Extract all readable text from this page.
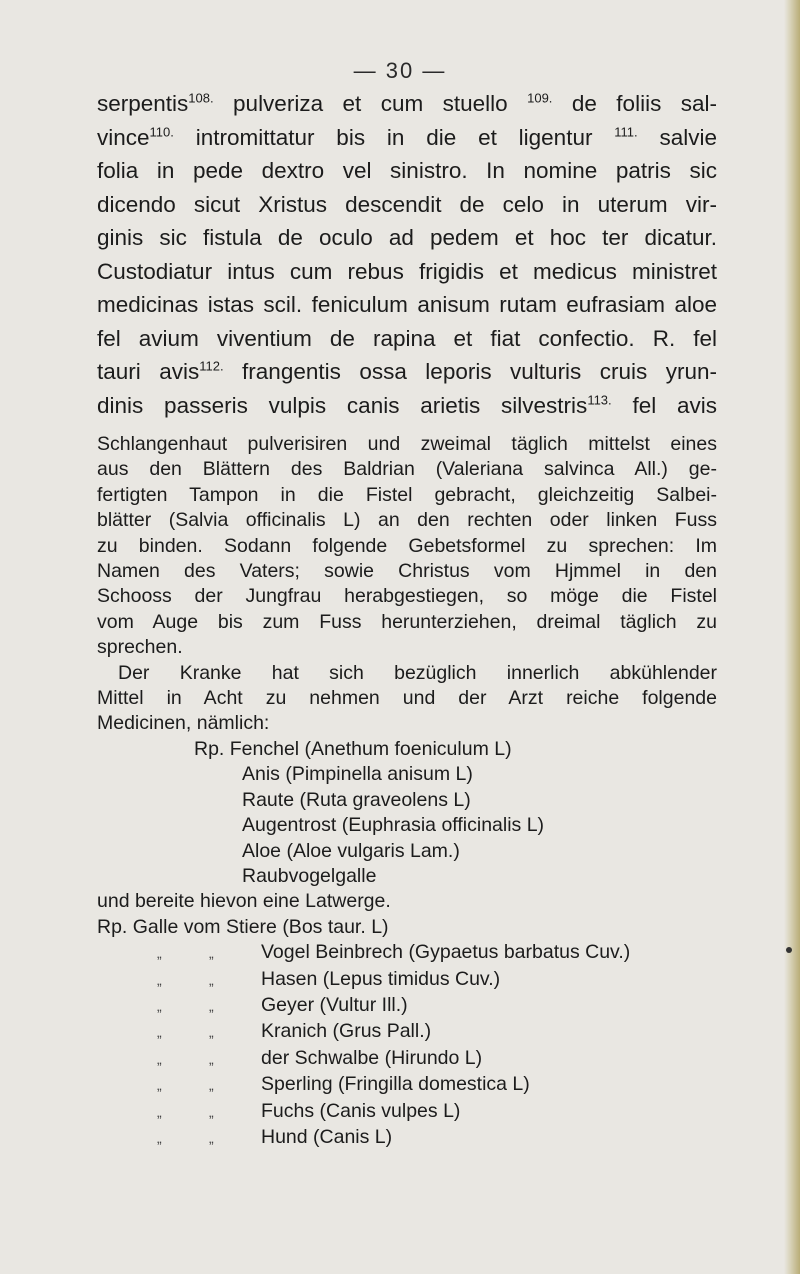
— 30 —
serpentis$^{108.}$ pulveriza et cum stuello $^{109.}$ de foliis sal-
vince$^{110.}$ intromittatur bis in die et ligentur $^{111.}$ salvie
folia in pede dextro vel sinistro. In nomine patris sic
dicendo sicut Xristus descendit de celo in uterum vir-
ginis sic fistula de oculo ad pedem et hoc ter dicatur.
Custodiatur intus cum rebus frigidis et medicus ministret
medicinas istas scil. feniculum anisum rutam eufrasiam aloe
fel avium viventium de rapina et fiat confectio. R. fel
tauri avis$^{112.}$ frangentis ossa leporis vulturis cruis yrun-
dinis passeris vulpis canis arietis silvestris$^{113.}$ fel avis
Schlangenhaut pulverisiren und zweimal täglich mittelst eines
aus den Blättern des Baldrian (Valeriana salvinca All.) ge-
fertigten Tampon in die Fistel gebracht, gleichzeitig Salbei-
blätter (Salvia officinalis L) an den rechten oder linken Fuss
zu binden. Sodann folgende Gebetsformel zu sprechen: Im
Namen des Vaters; sowie Christus vom Hjmmel in den
Schooss der Jungfrau herabgestiegen, so möge die Fistel
vom Auge bis zum Fuss herunterziehen, dreimal täglich zu
sprechen.
Der Kranke hat sich bezüglich innerlich abkühlender
Mittel in Acht zu nehmen und der Arzt reiche folgende
Medicinen, nämlich:
Rp. Fenchel (Anethum foeniculum L)
Anis (Pimpinella anisum L)
Raute (Ruta graveolens L)
Augentrost (Euphrasia officinalis L)
Aloe (Aloe vulgaris Lam.)
Raubvogelgalle
und bereite hievon eine Latwerge.
Rp. Galle vom Stiere (Bos taur. L)
„	„ Vogel Beinbrech (Gypaetus barbatus Cuv.)
„	„ Hasen (Lepus timidus Cuv.)
„	„ Geyer (Vultur Ill.)
„	„ Kranich (Grus Pall.)
„	„ der Schwalbe (Hirundo L)
„	„ Sperling (Fringilla domestica L)
„	„ Fuchs (Canis vulpes L)
„	„ Hund (Canis L)
